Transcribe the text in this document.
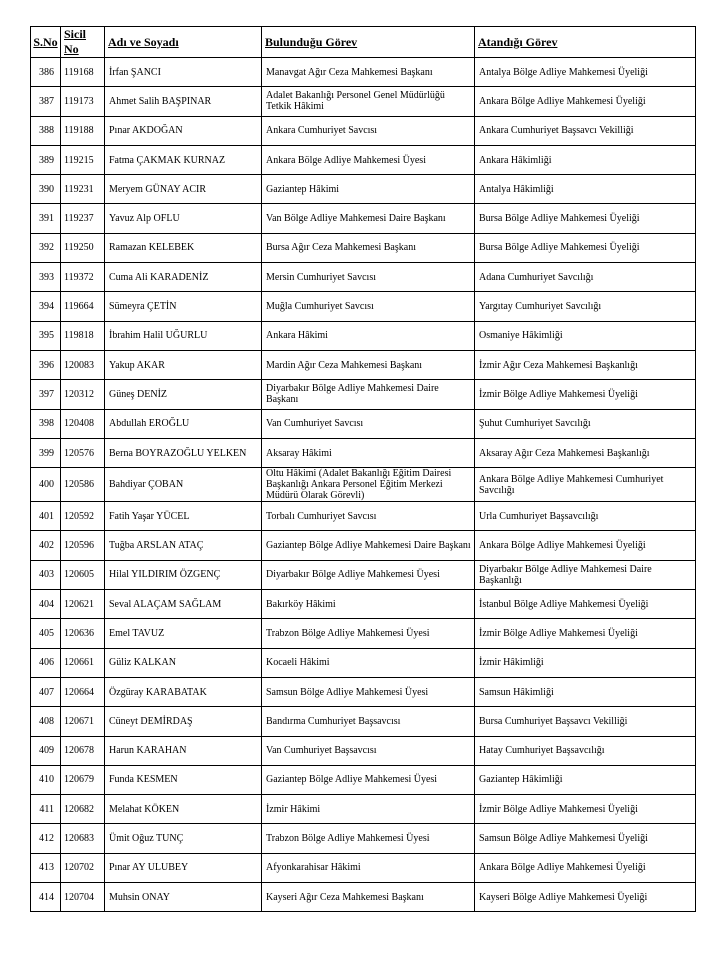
S.No	Sicil No	Adı ve Soyadı	Bulunduğu Görev	Atandığı Görev
386	119168	İrfan ŞANCI	Manavgat Ağır Ceza Mahkemesi Başkanı	Antalya Bölge Adliye Mahkemesi Üyeliği
387	119173	Ahmet Salih BAŞPINAR	Adalet Bakanlığı Personel Genel Müdürlüğü Tetkik Hâkimi	Ankara Bölge Adliye Mahkemesi Üyeliği
388	119188	Pınar AKDOĞAN	Ankara Cumhuriyet Savcısı	Ankara Cumhuriyet Başsavcı Vekilliği
389	119215	Fatma ÇAKMAK KURNAZ	Ankara Bölge Adliye Mahkemesi Üyesi	Ankara Hâkimliği
390	119231	Meryem GÜNAY ACIR	Gaziantep Hâkimi	Antalya Hâkimliği
391	119237	Yavuz Alp OFLU	Van Bölge Adliye Mahkemesi Daire Başkanı	Bursa Bölge Adliye Mahkemesi Üyeliği
392	119250	Ramazan KELEBEK	Bursa Ağır Ceza Mahkemesi Başkanı	Bursa Bölge Adliye Mahkemesi Üyeliği
393	119372	Cuma Ali KARADENİZ	Mersin Cumhuriyet Savcısı	Adana Cumhuriyet Savcılığı
394	119664	Sümeyra ÇETİN	Muğla Cumhuriyet Savcısı	Yargıtay Cumhuriyet Savcılığı
395	119818	İbrahim Halil UĞURLU	Ankara Hâkimi	Osmaniye Hâkimliği
396	120083	Yakup AKAR	Mardin Ağır Ceza Mahkemesi Başkanı	İzmir Ağır Ceza Mahkemesi Başkanlığı
397	120312	Güneş DENİZ	Diyarbakır Bölge Adliye Mahkemesi Daire Başkanı	İzmir Bölge Adliye Mahkemesi Üyeliği
398	120408	Abdullah EROĞLU	Van Cumhuriyet Savcısı	Şuhut Cumhuriyet Savcılığı
399	120576	Berna BOYRAZOĞLU YELKEN	Aksaray Hâkimi	Aksaray Ağır Ceza Mahkemesi Başkanlığı
400	120586	Bahdiyar ÇOBAN	Oltu Hâkimi (Adalet Bakanlığı Eğitim Dairesi Başkanlığı Ankara Personel Eğitim Merkezi Müdürü Olarak Görevli)	Ankara Bölge Adliye Mahkemesi Cumhuriyet Savcılığı
401	120592	Fatih Yaşar YÜCEL	Torbalı Cumhuriyet Savcısı	Urla Cumhuriyet Başsavcılığı
402	120596	Tuğba ARSLAN ATAÇ	Gaziantep Bölge Adliye Mahkemesi Daire Başkanı	Ankara Bölge Adliye Mahkemesi Üyeliği
403	120605	Hilal YILDIRIM ÖZGENÇ	Diyarbakır Bölge Adliye Mahkemesi Üyesi	Diyarbakır Bölge Adliye Mahkemesi Daire Başkanlığı
404	120621	Seval ALAÇAM SAĞLAM	Bakırköy Hâkimi	İstanbul Bölge Adliye Mahkemesi Üyeliği
405	120636	Emel TAVUZ	Trabzon Bölge Adliye Mahkemesi Üyesi	İzmir Bölge Adliye Mahkemesi Üyeliği
406	120661	Güliz KALKAN	Kocaeli Hâkimi	İzmir Hâkimliği
407	120664	Özgüray KARABATAK	Samsun Bölge Adliye Mahkemesi Üyesi	Samsun Hâkimliği
408	120671	Cüneyt DEMİRDAŞ	Bandırma Cumhuriyet Başsavcısı	Bursa Cumhuriyet Başsavcı Vekilliği
409	120678	Harun KARAHAN	Van Cumhuriyet Başsavcısı	Hatay Cumhuriyet Başsavcılığı
410	120679	Funda KESMEN	Gaziantep Bölge Adliye Mahkemesi Üyesi	Gaziantep Hâkimliği
411	120682	Melahat KÖKEN	İzmir Hâkimi	İzmir Bölge Adliye Mahkemesi Üyeliği
412	120683	Ümit Oğuz TUNÇ	Trabzon Bölge Adliye Mahkemesi Üyesi	Samsun Bölge Adliye Mahkemesi Üyeliği
413	120702	Pınar AY ULUBEY	Afyonkarahisar Hâkimi	Ankara Bölge Adliye Mahkemesi Üyeliği
414	120704	Muhsin ONAY	Kayseri Ağır Ceza Mahkemesi Başkanı	Kayseri Bölge Adliye Mahkemesi Üyeliği
